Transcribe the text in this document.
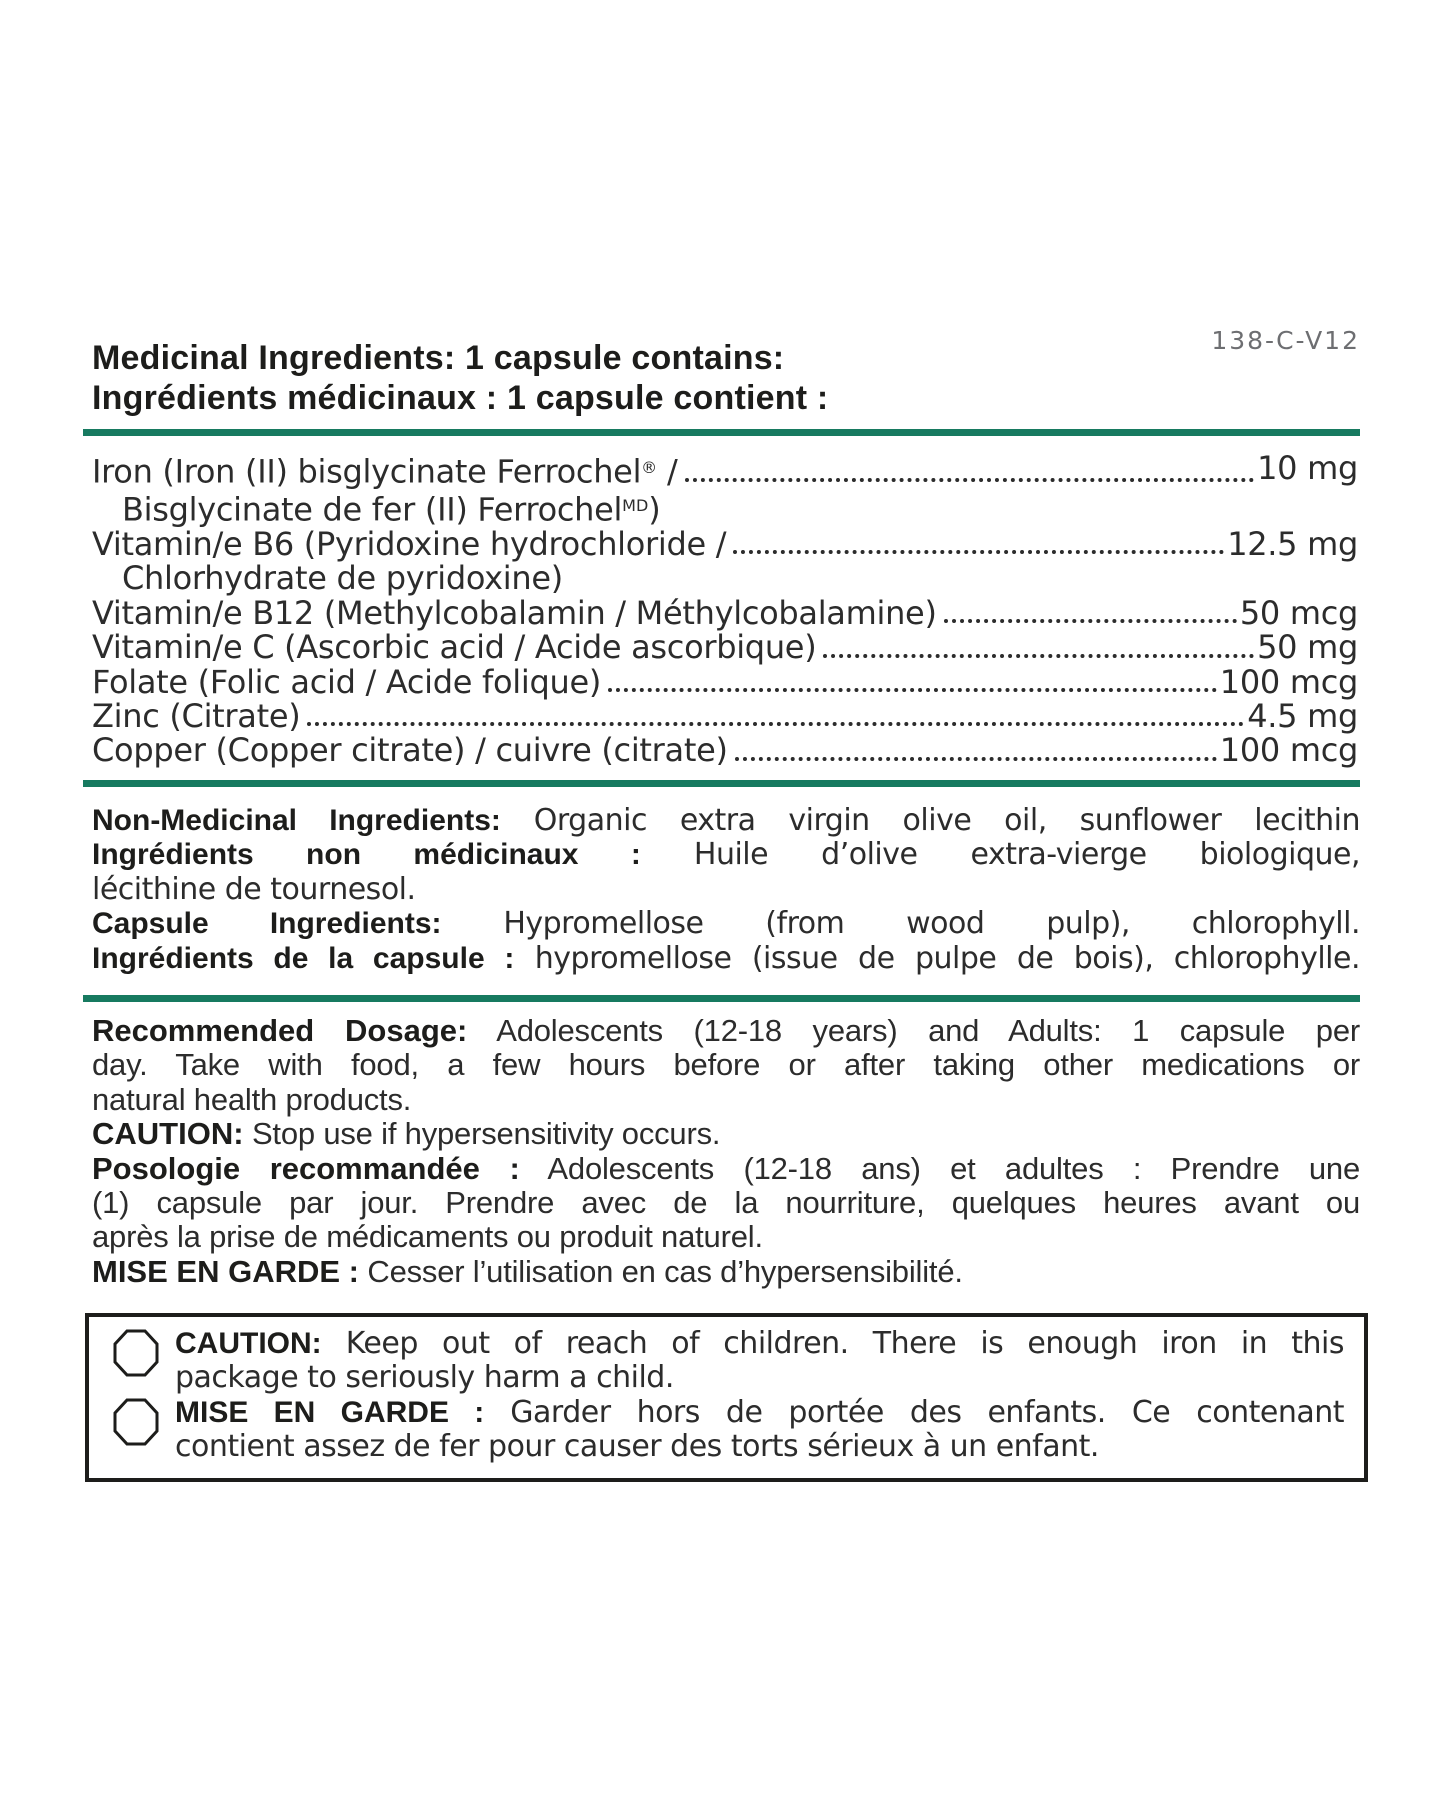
138-C-V12
Medicinal Ingredients: 1 capsule contains:
Ingrédients médicinaux : 1 capsule contient :
Iron (Iron (II) bisglycinate Ferrochel® /	10 mg
Bisglycinate de fer (II) Ferrochel$^{MD}$)
Vitamin/e B6 (Pyridoxine hydrochloride /	12.5 mg
Chlorhydrate de pyridoxine)
Vitamin/e B12 (Methylcobalamin / Méthylcobalamine)	50 mcg
Vitamin/e C (Ascorbic acid / Acide ascorbique)	50 mg
Folate (Folic acid / Acide folique)	100 mcg
Zinc (Citrate)	4.5 mg
Copper (Copper citrate) / cuivre (citrate)	100 mcg
Non-Medicinal Ingredients: Organic extra virgin olive oil, sunflower lecithin
Ingrédients non médicinaux : Huile d’olive extra-vierge biologique,
lécithine de tournesol.
Capsule Ingredients: Hypromellose (from wood pulp), chlorophyll.
Ingrédients de la capsule : hypromellose (issue de pulpe de bois), chlorophylle.
Recommended Dosage: Adolescents (12-18 years) and Adults: 1 capsule per
day. Take with food, a few hours before or after taking other medications or
natural health products.
CAUTION: Stop use if hypersensitivity occurs.
Posologie recommandée : Adolescents (12-18 ans) et adultes : Prendre une
(1) capsule par jour. Prendre avec de la nourriture, quelques heures avant ou
après la prise de médicaments ou produit naturel.
MISE EN GARDE : Cesser l’utilisation en cas d’hypersensibilité.
CAUTION: Keep out of reach of children. There is enough iron in this
package to seriously harm a child.
MISE EN GARDE : Garder hors de portée des enfants. Ce contenant
contient assez de fer pour causer des torts sérieux à un enfant.
